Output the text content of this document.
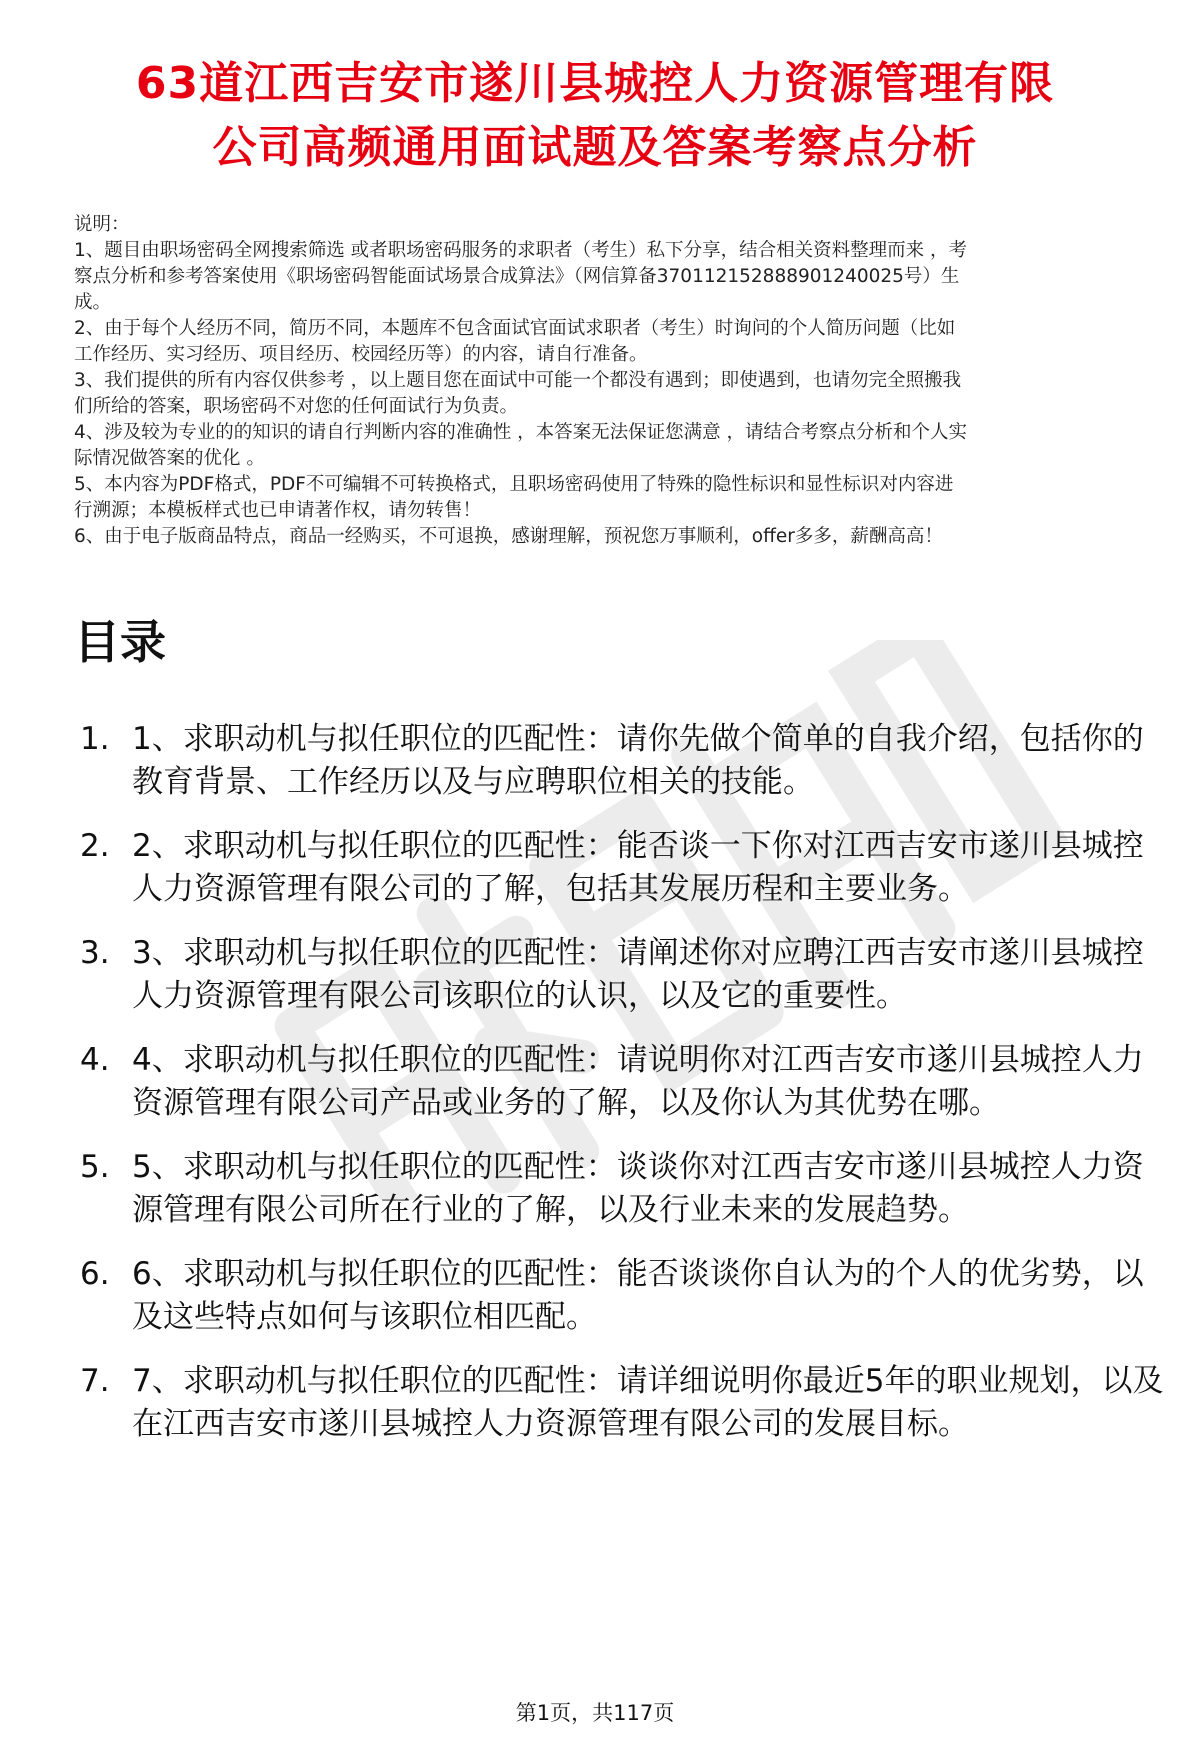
63道江西吉安市遂川县城控人力资源管理有限
公司高频通用面试题及答案考察点分析

说明：

1、题目由职场密码全网搜索筛选 或者职场密码服务的求职者（考生）私下分享，结合相关资料整理而来 ，考

察点分析和参考答案使用《职场密码智能面试场景合成算法》（网信算备370112152888901240025号）生

成。

2、由于每个人经历不同，简历不同，本题库不包含面试官面试求职者（考生）时询问的个人简历问题（比如

工作经历、实习经历、项目经历、校园经历等）的内容，请自行准备。

3、我们提供的所有内容仅供参考 ，以上题目您在面试中可能一个都没有遇到；即使遇到，也请勿完全照搬我

们所给的答案，职场密码不对您的任何面试行为负责。

4、涉及较为专业的的知识的请自行判断内容的准确性 ，本答案无法保证您满意 ，请结合考察点分析和个人实

际情况做答案的优化 。

5、本内容为PDF格式，PDF不可编辑不可转换格式，且职场密码使用了特殊的隐性标识和显性标识对内容进

行溯源；本模板样式也已申请著作权，请勿转售！

6、由于电子版商品特点，商品一经购买，不可退换，感谢理解，预祝您万事顺利，offer多多，薪酬高高！

目录
1. 1、求职动机与拟任职位的匹配性：请你先做个简单的自我介绍，包括你的教育背景、工作经历以及与应聘职位相关的技能。
2. 2、求职动机与拟任职位的匹配性：能否谈一下你对江西吉安市遂川县城控人力资源管理有限公司的了解，包括其发展历程和主要业务。
3. 3、求职动机与拟任职位的匹配性：请阐述你对应聘江西吉安市遂川县城控人力资源管理有限公司该职位的认识，以及它的重要性。
4. 4、求职动机与拟任职位的匹配性：请说明你对江西吉安市遂川县城控人力资源管理有限公司产品或业务的了解，以及你认为其优势在哪。
5. 5、求职动机与拟任职位的匹配性：谈谈你对江西吉安市遂川县城控人力资源管理有限公司所在行业的了解，以及行业未来的发展趋势。
6. 6、求职动机与拟任职位的匹配性：能否谈谈你自认为的个人的优劣势，以及这些特点如何与该职位相匹配。
7. 7、求职动机与拟任职位的匹配性：请详细说明你最近5年的职业规划，以及在江西吉安市遂川县城控人力资源管理有限公司的发展目标。
第1页，共117页
